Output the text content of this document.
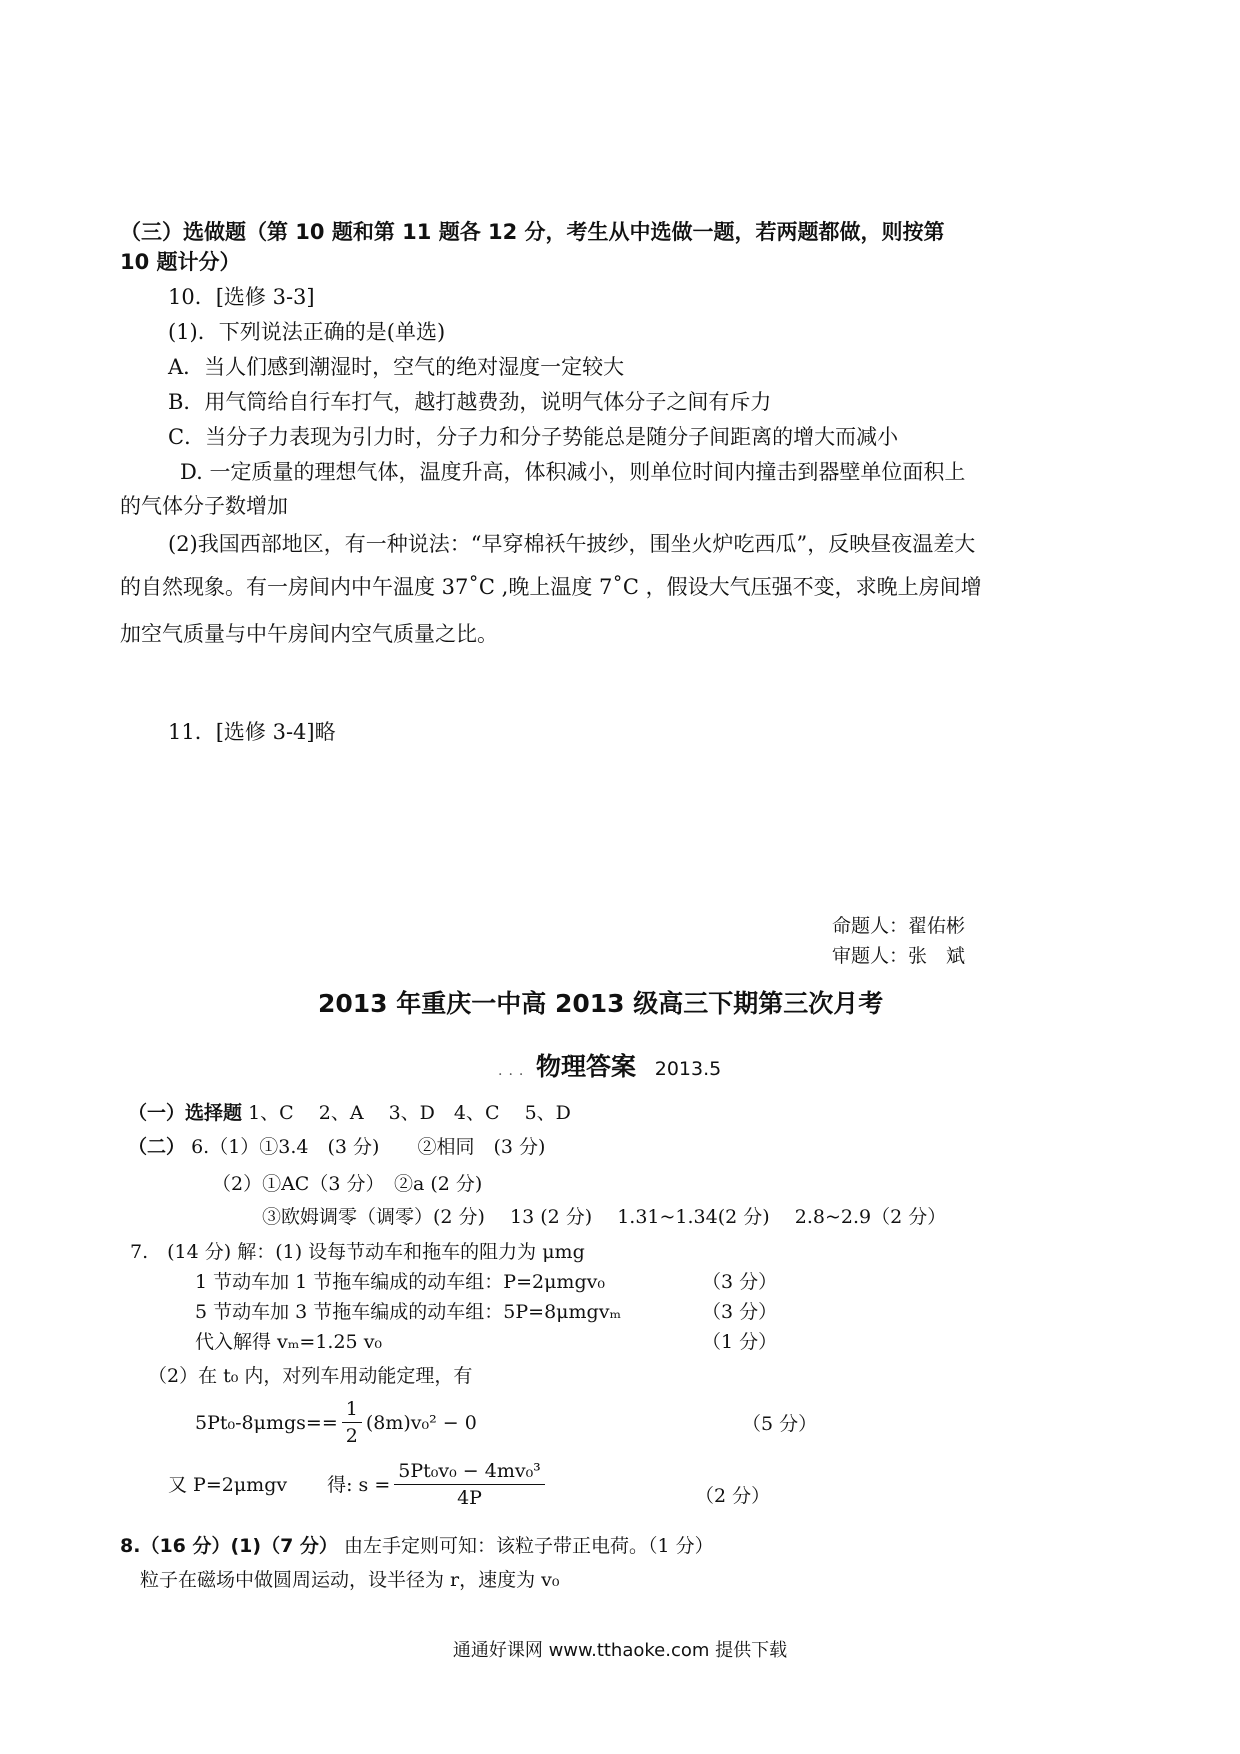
（三）选做题（第 10 题和第 11 题各 12 分，考生从中选做一题，若两题都做，则按第
10 题计分）
10．[选修 3-3]
(1)．下列说法正确的是(单选)
A．当人们感到潮湿时，空气的绝对湿度一定较大
B．用气筒给自行车打气，越打越费劲，说明气体分子之间有斥力
C．当分子力表现为引力时，分子力和分子势能总是随分子间距离的增大而减小
D. 一定质量的理想气体，温度升高，体积减小，则单位时间内撞击到器壁单位面积上
的气体分子数增加
(2)我国西部地区，有一种说法：“早穿棉袄午披纱，围坐火炉吃西瓜”，反映昼夜温差大
的自然现象。有一房间内中午温度 37˚C ,晚上温度 7˚C ，假设大气压强不变，求晚上房间增
加空气质量与中午房间内空气质量之比。
11．[选修 3-4]略
命题人：翟佑彬
审题人：张　斌
2013 年重庆一中高 2013 级高三下期第三次月考
... 物理答案 2013.5
（一）选择题 1、C　 2、A　 3、D　4、C　 5、D
（二） 6.（1）①3.4　(3 分)　　②相同　(3 分)
（2）①AC（3 分）　②a (2 分)
③欧姆调零（调零）(2 分)　 13 (2 分)　 1.31~1.34(2 分)　 2.8~2.9（2 分）
7.　(14 分) 解：(1) 设每节动车和拖车的阻力为 μmg
1 节动车加 1 节拖车编成的动车组：P=2μmgv₀	（3 分）
5 节动车加 3 节拖车编成的动车组：5P=8μmgvₘ	（3 分）
代入解得 vₘ=1.25 v₀	（1 分）
（2）在 t₀ 内，对列车用动能定理，有
$5Pt_0-8\mu mgs== \frac{1}{2} (8m)v_0^2 - 0$	（5 分）
又 P=2μmgv 得: $s = \frac{\text{5Pt₀v₀ − 4mv₀³}}{4P}$	（2 分）
8.（16 分）(1)（7 分） 由左手定则可知：该粒子带正电荷。（1 分）
粒子在磁场中做圆周运动，设半径为 r，速度为 v₀
通通好课网 www.tthaoke.com 提供下载
